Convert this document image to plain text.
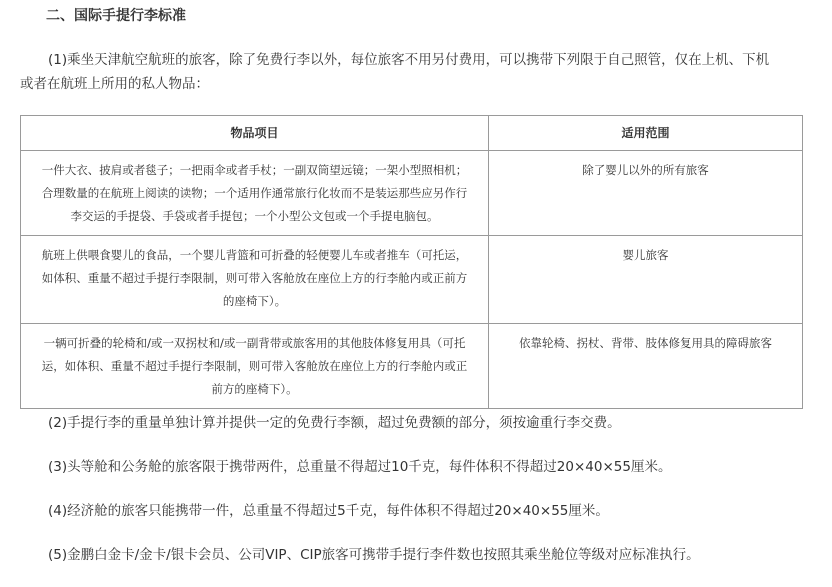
二、国际手提行李标准
(1)乘坐天津航空航班的旅客，除了免费行李以外，每位旅客不用另付费用，可以携带下列限于自己照管，仅在上机、下机
或者在航班上所用的私人物品：
物品项目	适用范围

一件大衣、披肩或者毯子；一把雨伞或者手杖；一副双筒望远镜；一架小型照相机；
合理数量的在航班上阅读的读物；一个适用作通常旅行化妆而不是装运那些应另作行
李交运的手提袋、手袋或者手提包；一个小型公文包或一个手提电脑包。	除了婴儿以外的所有旅客

航班上供喂食婴儿的食品，一个婴儿背篮和可折叠的轻便婴儿车或者推车（可托运，
如体积、重量不超过手提行李限制，则可带入客舱放在座位上方的行李舱内或正前方
的座椅下）。	婴儿旅客

一辆可折叠的轮椅和/或一双拐杖和/或一副背带或旅客用的其他肢体修复用具（可托
运，如体积、重量不超过手提行李限制，则可带入客舱放在座位上方的行李舱内或正
前方的座椅下）。	依靠轮椅、拐杖、背带、肢体修复用具的障碍旅客
(2)手提行李的重量单独计算并提供一定的免费行李额，超过免费额的部分，须按逾重行李交费。
(3)头等舱和公务舱的旅客限于携带两件，总重量不得超过10千克，每件体积不得超过20×40×55厘米。
(4)经济舱的旅客只能携带一件，总重量不得超过5千克，每件体积不得超过20×40×55厘米。
(5)金鹏白金卡/金卡/银卡会员、公司VIP、CIP旅客可携带手提行李件数也按照其乘坐舱位等级对应标准执行。
